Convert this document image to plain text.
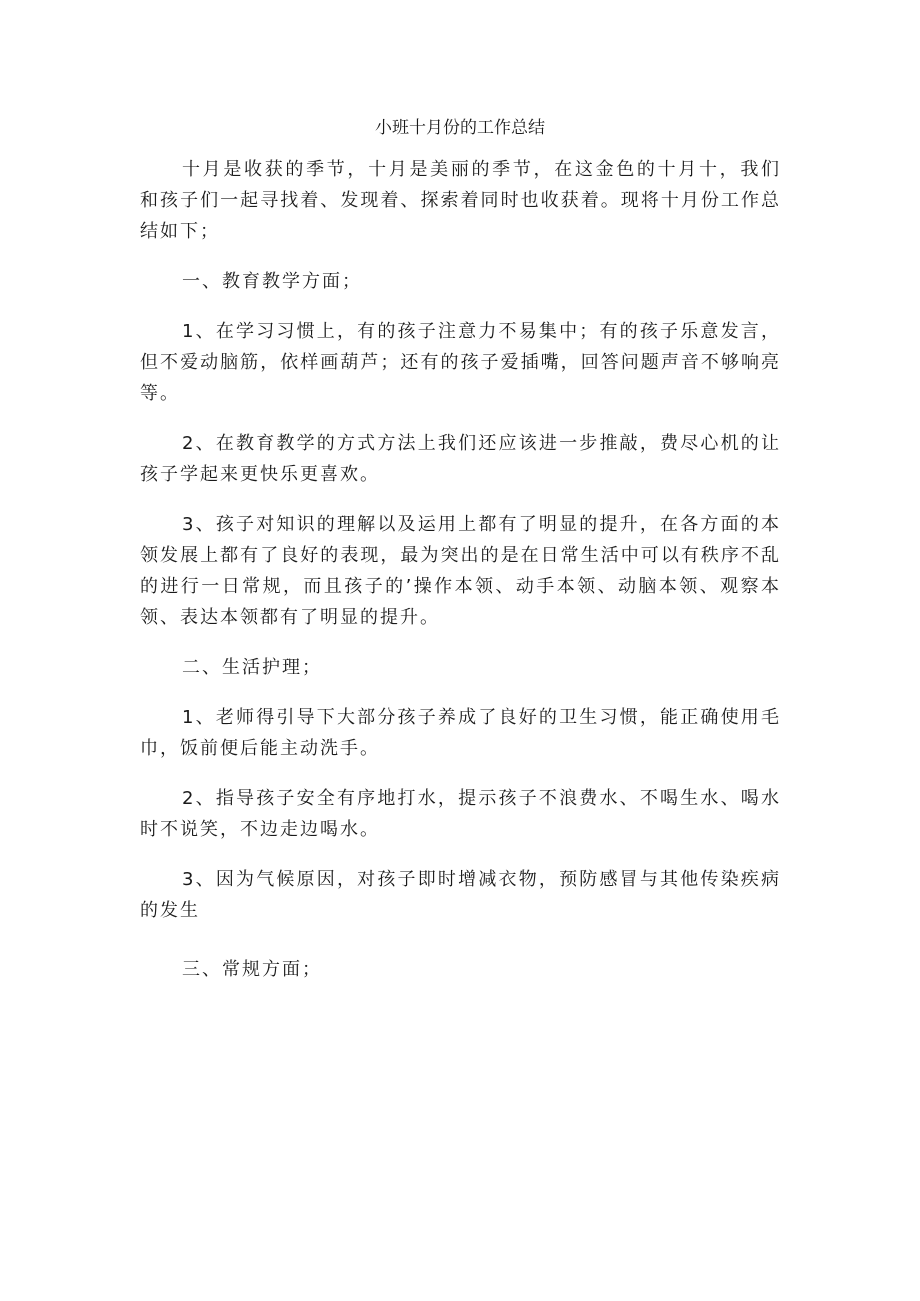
小班十月份的工作总结

十月是收获的季节，十月是美丽的季节，在这金色的十月十，我们和孩子们一起寻找着、发现着、探索着同时也收获着。现将十月份工作总结如下；

一、教育教学方面；

1、在学习习惯上，有的孩子注意力不易集中；有的孩子乐意发言，但不爱动脑筋，依样画葫芦；还有的孩子爱插嘴，回答问题声音不够响亮等。

2、在教育教学的方式方法上我们还应该进一步推敲，费尽心机的让孩子学起来更快乐更喜欢。

3、孩子对知识的理解以及运用上都有了明显的提升，在各方面的本领发展上都有了良好的表现，最为突出的是在日常生活中可以有秩序不乱的进行一日常规，而且孩子的’操作本领、动手本领、动脑本领、观察本领、表达本领都有了明显的提升。

二、生活护理；

1、老师得引导下大部分孩子养成了良好的卫生习惯，能正确使用毛巾，饭前便后能主动洗手。

2、指导孩子安全有序地打水，提示孩子不浪费水、不喝生水、喝水时不说笑，不边走边喝水。

3、因为气候原因，对孩子即时增减衣物，预防感冒与其他传染疾病的发生

三、常规方面；
